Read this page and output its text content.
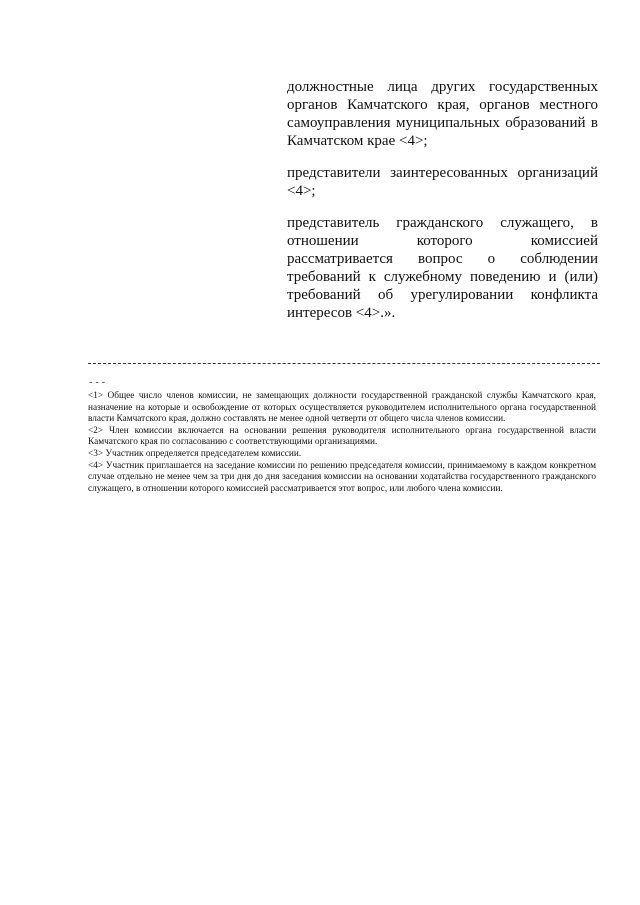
должностные лица других государственных органов Камчатского края, органов местного самоуправления муниципальных образований в Камчатском крае <4>;

представители заинтересованных организаций <4>;

представитель гражданского служащего, в отношении которого комиссией рассматривается вопрос о соблюдении требований к служебному поведению и (или) требований об урегулировании конфликта интересов <4>.».

---

<1> Общее число членов комиссии, не замещающих должности государственной гражданской службы Камчатского края, назначение на которые и освобождение от которых осуществляется руководителем исполнительного органа государственной власти Камчатского края, должно составлять не менее одной четверти от общего числа членов комиссии.

<2> Член комиссии включается на основании решения руководителя исполнительного органа государственной власти Камчатского края по согласованию с соответствующими организациями.

<3> Участник определяется председателем комиссии.

<4> Участник приглашается на заседание комиссии по решению председателя комиссии, принимаемому в каждом конкретном случае отдельно не менее чем за три дня до дня заседания комиссии на основании ходатайства государственного гражданского служащего, в отношении которого комиссией рассматривается этот вопрос, или любого члена комиссии.
